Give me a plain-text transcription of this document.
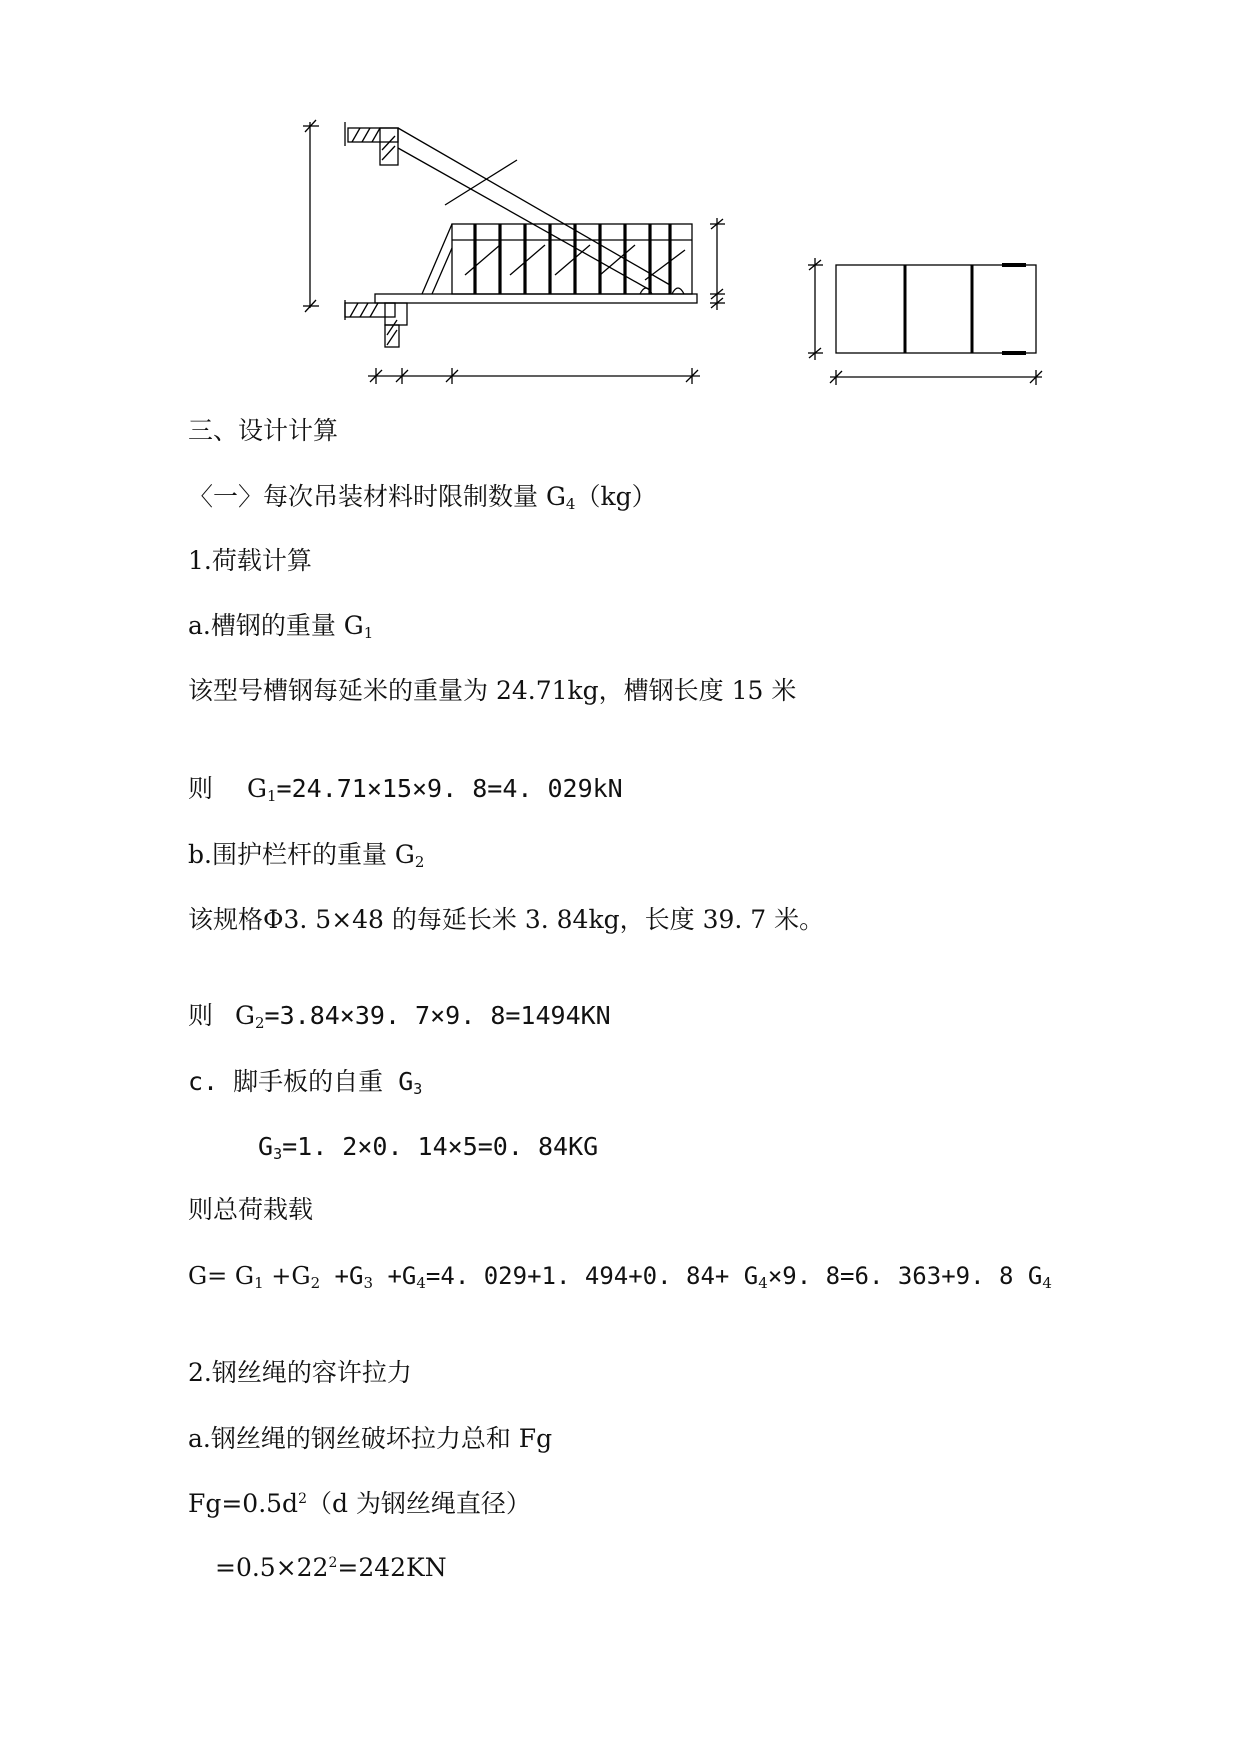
三、设计计算
〈一〉每次吊装材料时限制数量 $G_4(kg)$
1.荷载计算
a.槽钢的重量 $G_1$
该型号槽钢每延米的重量为 24.71kg，槽钢长度 15 米
则 $G_1=24.71\times 15\times 9$. 8=4. 029kN
b.围护栏杆的重量 $G_2$
该规格Φ3. 5×48 的每延长米 3. 84kg，长度 39. 7 米。
则 $G_2=3.84\times 39$. 7×9. 8=1494KN
c. 脚手板的自重 $G_3$
$G_3=1$. 2×0. 14×5=0. 84KG
则总荷栽载
$G= G_1 +G_2 +G_3 +G_4=4$. 029+1. 494+0. $84+ G_4\times 9$. 8=6. 363+9. 8 $G_4$
2.钢丝绳的容许拉力
a.钢丝绳的钢丝破坏拉力总和 Fg
$Fg=0.5d^2(d$ 为钢丝绳直径）
$=0.5\times 22^2=242KN$
